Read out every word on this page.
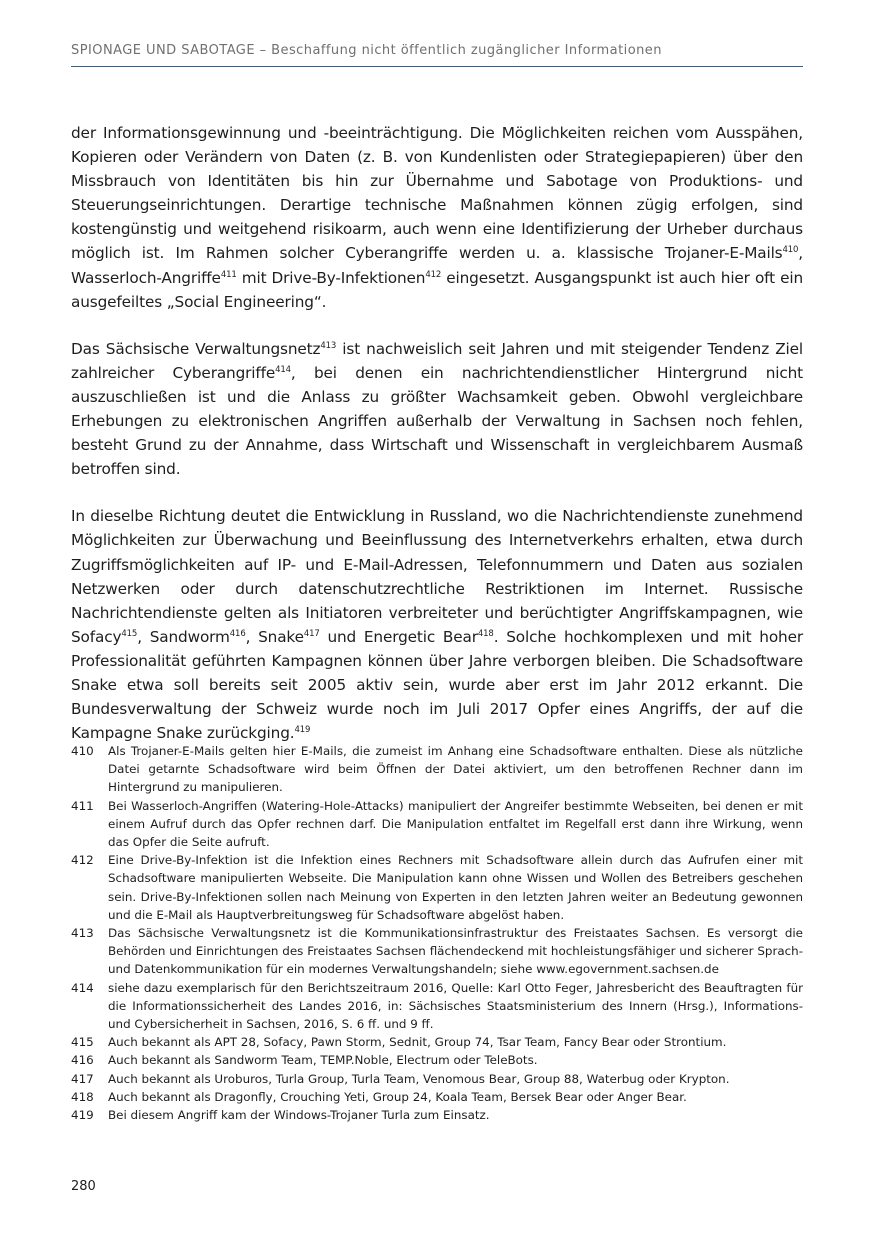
SPIONAGE UND SABOTAGE – Beschaffung nicht öffentlich zugänglicher Informationen

der Informationsgewinnung und -beeinträchtigung. Die Möglichkeiten reichen vom Ausspähen, Kopieren oder Verändern von Daten (z. B. von Kundenlisten oder Strategiepapieren) über den Missbrauch von Identitäten bis hin zur Übernahme und Sabotage von Produktions- und Steuerungseinrichtungen. Derartige technische Maßnahmen können zügig erfolgen, sind kostengünstig und weitgehend risikoarm, auch wenn eine Identifizierung der Urheber durchaus möglich ist. Im Rahmen solcher Cyberangriffe werden u. a. klassische Trojaner-E-Mails$^{410}$, Wasserloch-Angriffe$^{411}$ mit Drive-By-Infektionen$^{412}$ eingesetzt. Ausgangspunkt ist auch hier oft ein ausgefeiltes „Social Engineering“.

Das Sächsische Verwaltungsnetz$^{413}$ ist nachweislich seit Jahren und mit steigender Tendenz Ziel zahlreicher Cyberangriffe$^{414}$, bei denen ein nachrichtendienstlicher Hintergrund nicht auszuschließen ist und die Anlass zu größter Wachsamkeit geben. Obwohl vergleichbare Erhebungen zu elektronischen Angriffen außerhalb der Verwaltung in Sachsen noch fehlen, besteht Grund zu der Annahme, dass Wirtschaft und Wissenschaft in vergleichbarem Ausmaß betroffen sind.

In dieselbe Richtung deutet die Entwicklung in Russland, wo die Nachrichtendienste zunehmend Möglichkeiten zur Überwachung und Beeinflussung des Internetverkehrs erhalten, etwa durch Zugriffsmöglichkeiten auf IP- und E-Mail-Adressen, Telefonnummern und Daten aus sozialen Netzwerken oder durch datenschutzrechtliche Restriktionen im Internet. Russische Nachrichtendienste gelten als Initiatoren verbreiteter und berüchtigter Angriffskampagnen, wie Sofacy$^{415}$, Sandworm$^{416}$, Snake$^{417}$ und Energetic Bear$^{418}$. Solche hochkomplexen und mit hoher Professionalität geführten Kampagnen können über Jahre verborgen bleiben. Die Schadsoftware Snake etwa soll bereits seit 2005 aktiv sein, wurde aber erst im Jahr 2012 erkannt. Die Bundesverwaltung der Schweiz wurde noch im Juli 2017 Opfer eines Angriffs, der auf die Kampagne Snake zurückging.$^{419}$

410 Als Trojaner-E-Mails gelten hier E-Mails, die zumeist im Anhang eine Schadsoftware enthalten. Diese als nützliche Datei getarnte Schadsoftware wird beim Öffnen der Datei aktiviert, um den betroffenen Rechner dann im Hintergrund zu manipulieren.
411 Bei Wasserloch-Angriffen (Watering-Hole-Attacks) manipuliert der Angreifer bestimmte Webseiten, bei denen er mit einem Aufruf durch das Opfer rechnen darf. Die Manipulation entfaltet im Regelfall erst dann ihre Wirkung, wenn das Opfer die Seite aufruft.
412 Eine Drive-By-Infektion ist die Infektion eines Rechners mit Schadsoftware allein durch das Aufrufen einer mit Schadsoftware manipulierten Webseite. Die Manipulation kann ohne Wissen und Wollen des Betreibers geschehen sein. Drive-By-Infektionen sollen nach Meinung von Experten in den letzten Jahren weiter an Bedeutung gewonnen und die E-Mail als Hauptverbreitungsweg für Schadsoftware abgelöst haben.
413 Das Sächsische Verwaltungsnetz ist die Kommunikationsinfrastruktur des Freistaates Sachsen. Es versorgt die Behörden und Einrichtungen des Freistaates Sachsen flächendeckend mit hochleistungsfähiger und sicherer Sprach- und Datenkommunikation für ein modernes Verwaltungshandeln; siehe www.egovernment.sachsen.de
414 siehe dazu exemplarisch für den Berichtszeitraum 2016, Quelle: Karl Otto Feger, Jahresbericht des Beauftragten für die Informationssicherheit des Landes 2016, in: Sächsisches Staatsministerium des Innern (Hrsg.), Informations- und Cybersicherheit in Sachsen, 2016, S. 6 ff. und 9 ff.
415 Auch bekannt als APT 28, Sofacy, Pawn Storm, Sednit, Group 74, Tsar Team, Fancy Bear oder Strontium.
416 Auch bekannt als Sandworm Team, TEMP.Noble, Electrum oder TeleBots.
417 Auch bekannt als Uroburos, Turla Group, Turla Team, Venomous Bear, Group 88, Waterbug oder Krypton.
418 Auch bekannt als Dragonfly, Crouching Yeti, Group 24, Koala Team, Bersek Bear oder Anger Bear.
419 Bei diesem Angriff kam der Windows-Trojaner Turla zum Einsatz.
280
